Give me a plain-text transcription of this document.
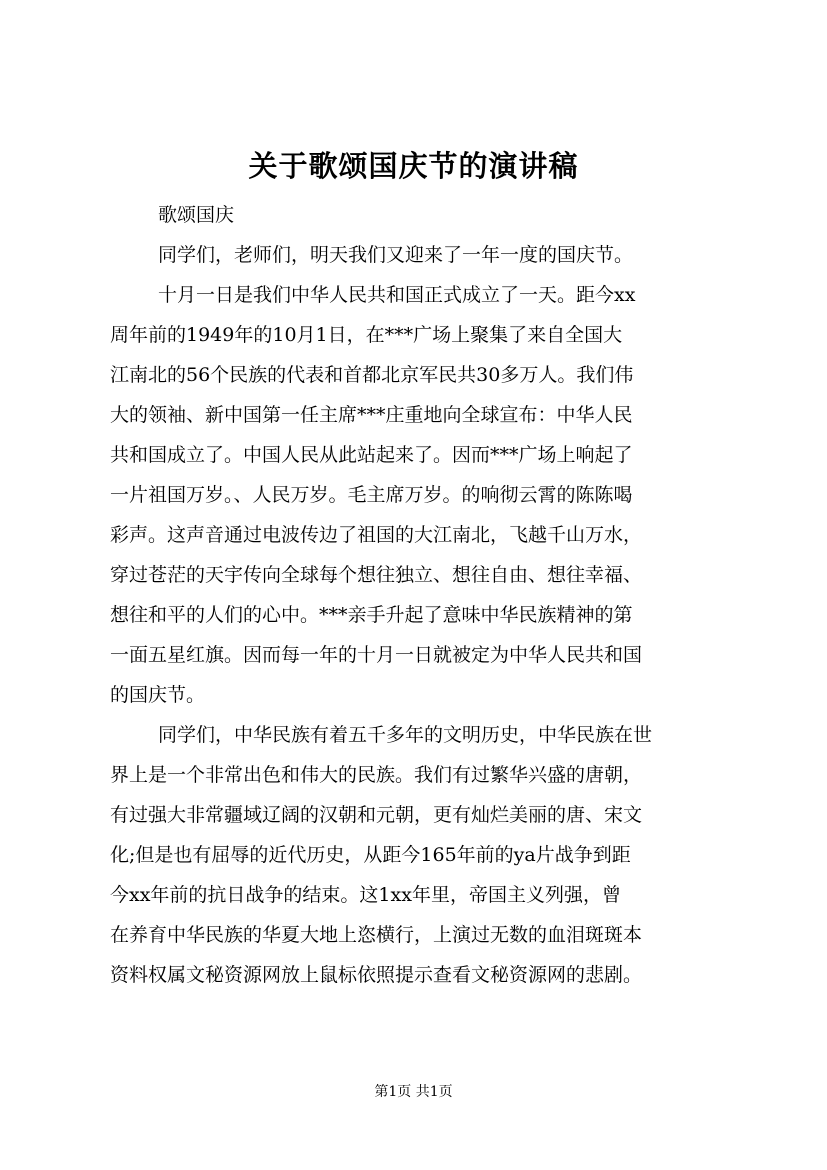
关于歌颂国庆节的演讲稿
歌颂国庆
同学们，老师们，明天我们又迎来了一年一度的国庆节。
十月一日是我们中华人民共和国正式成立了一天。距今xx
周年前的1949年的10月1日，在***广场上聚集了来自全国大
江南北的56个民族的代表和首都北京军民共30多万人。我们伟
大的领袖、新中国第一任主席***庄重地向全球宣布：中华人民
共和国成立了。中国人民从此站起来了。因而***广场上响起了
一片祖国万岁。、人民万岁。毛主席万岁。的响彻云霄的陈陈喝
彩声。这声音通过电波传边了祖国的大江南北，飞越千山万水，
穿过苍茫的天宇传向全球每个想往独立、想往自由、想往幸福、
想往和平的人们的心中。***亲手升起了意味中华民族精神的第
一面五星红旗。因而每一年的十月一日就被定为中华人民共和国
的国庆节。
同学们，中华民族有着五千多年的文明历史，中华民族在世
界上是一个非常出色和伟大的民族。我们有过繁华兴盛的唐朝，
有过强大非常疆域辽阔的汉朝和元朝，更有灿烂美丽的唐、宋文
化;但是也有屈辱的近代历史，从距今165年前的ya片战争到距
今xx年前的抗日战争的结束。这1xx年里，帝国主义列强，曾
在养育中华民族的华夏大地上恣横行，上演过无数的血泪斑斑本
资料权属文秘资源网放上鼠标依照提示查看文秘资源网的悲剧。
第1页 共1页
